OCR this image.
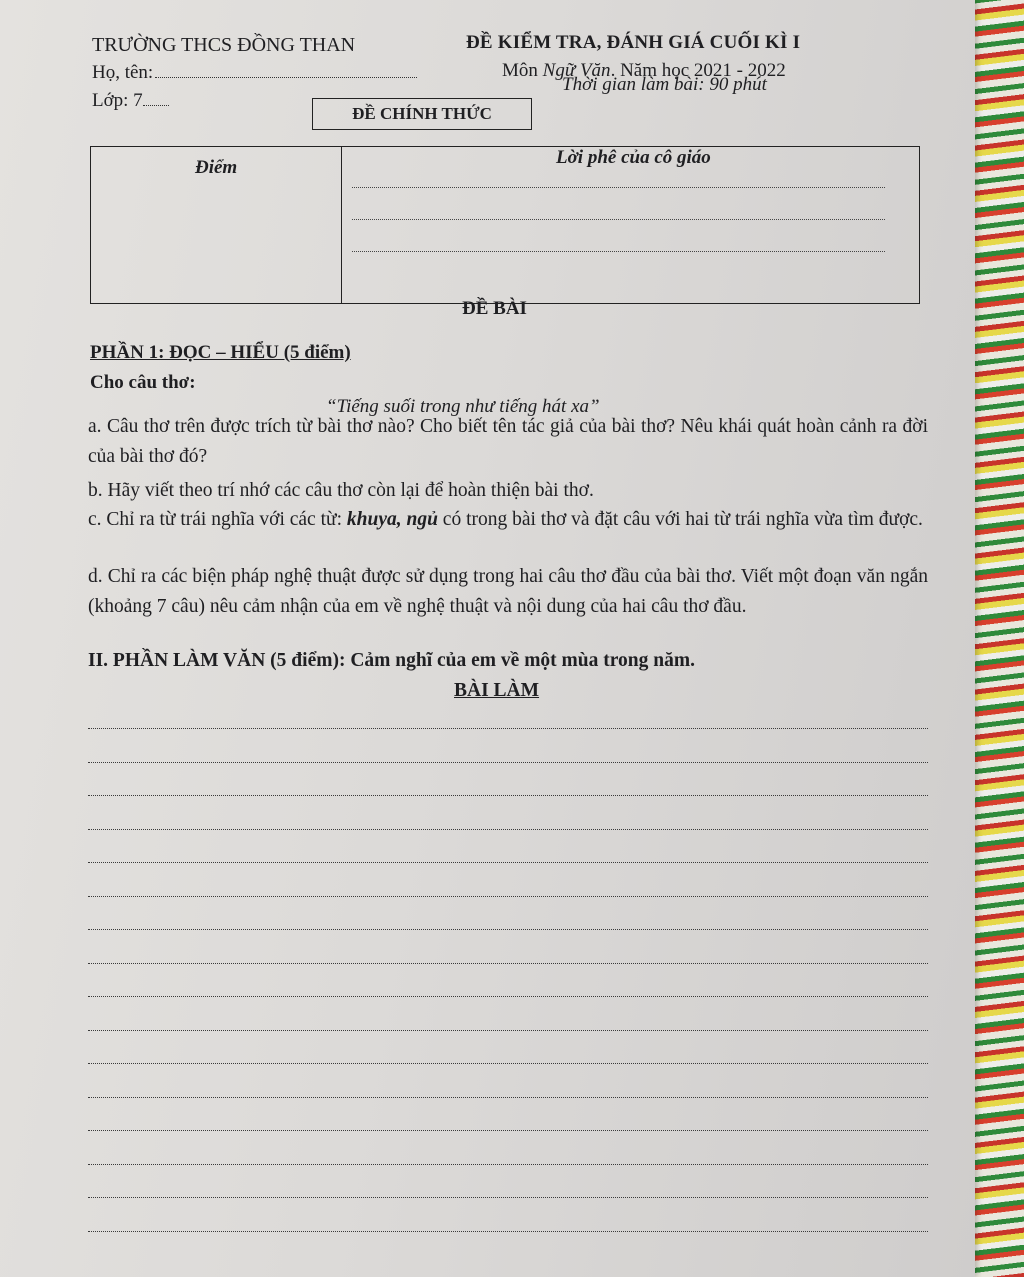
TRƯỜNG THCS ĐỒNG THAN	ĐỀ KIỂM TRA, ĐÁNH GIÁ CUỐI KÌ I
Họ, tên:	Môn Ngữ Văn. Năm học 2021 - 2022
Lớp: 7
Thời gian làm bài: 90 phút
ĐỀ CHÍNH THỨC
Điểm	Lời phê của cô giáo
ĐỀ BÀI
PHẦN 1: ĐỌC – HIỂU (5 điểm)
Cho câu thơ:
“Tiếng suối trong như tiếng hát xa”
a. Câu thơ trên được trích từ bài thơ nào? Cho biết tên tác giả của bài thơ? Nêu khái quát hoàn cảnh ra đời của bài thơ đó?
b. Hãy viết theo trí nhớ các câu thơ còn lại để hoàn thiện bài thơ.
c. Chỉ ra từ trái nghĩa với các từ: khuya, ngủ có trong bài thơ và đặt câu với hai từ trái nghĩa vừa tìm được.
d. Chỉ ra các biện pháp nghệ thuật được sử dụng trong hai câu thơ đầu của bài thơ. Viết một đoạn văn ngắn (khoảng 7 câu) nêu cảm nhận của em về nghệ thuật và nội dung của hai câu thơ đầu.
II. PHẦN LÀM VĂN (5 điểm): Cảm nghĩ của em về một mùa trong năm.
BÀI LÀM
